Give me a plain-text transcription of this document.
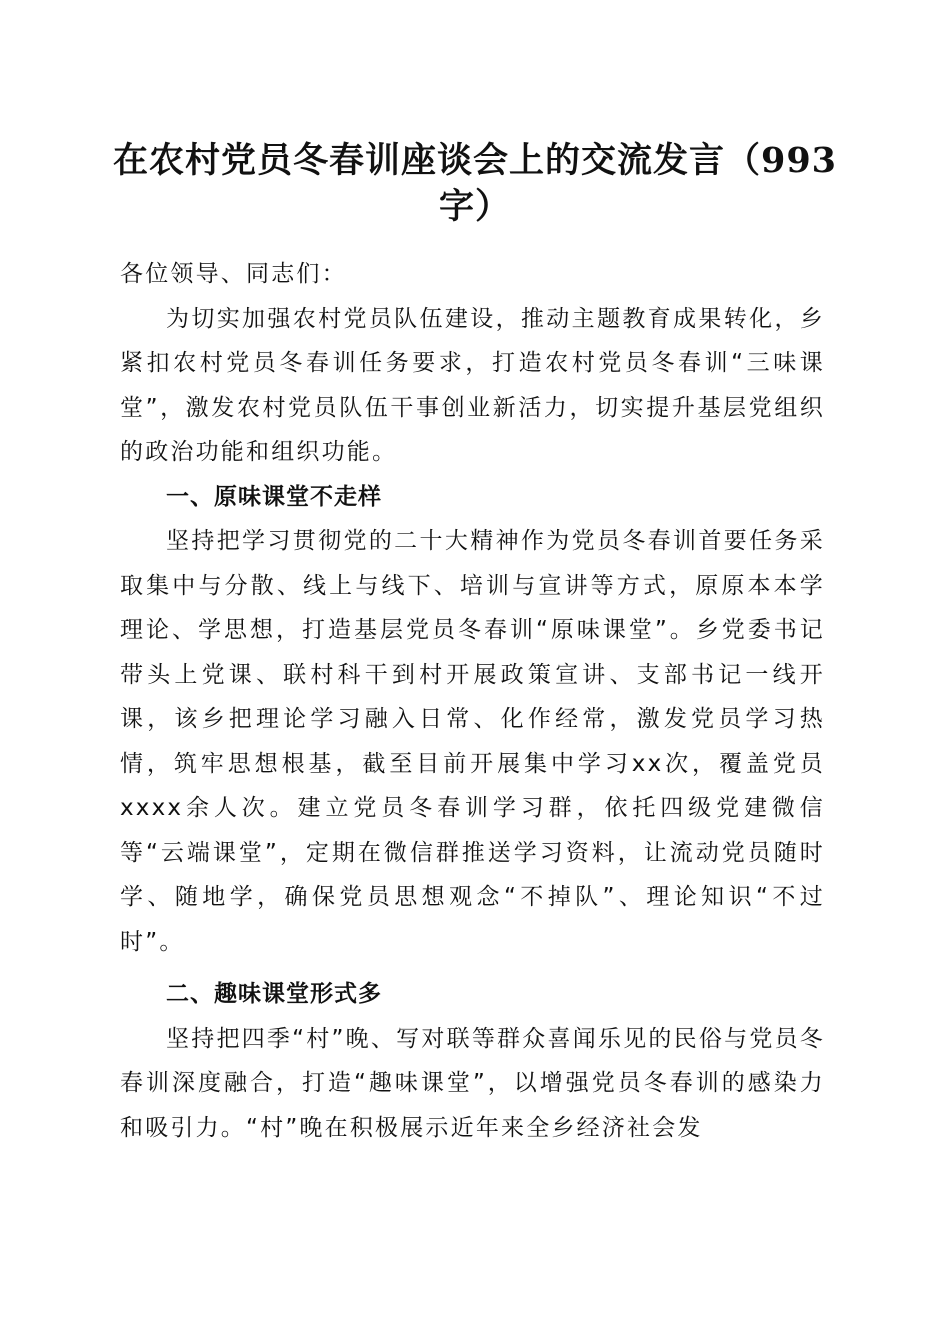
在农村党员冬春训座谈会上的交流发言（993字）

各位领导、同志们：

为切实加强农村党员队伍建设，推动主题教育成果转化，乡紧扣农村党员冬春训任务要求，打造农村党员冬春训“三味课堂”，激发农村党员队伍干事创业新活力，切实提升基层党组织的政治功能和组织功能。

一、原味课堂不走样

坚持把学习贯彻党的二十大精神作为党员冬春训首要任务采取集中与分散、线上与线下、培训与宣讲等方式，原原本本学理论、学思想，打造基层党员冬春训“原味课堂”。乡党委书记带头上党课、联村科干到村开展政策宣讲、支部书记一线开课，该乡把理论学习融入日常、化作经常，激发党员学习热情，筑牢思想根基，截至目前开展集中学习xx次，覆盖党员xxxx余人次。建立党员冬春训学习群，依托四级党建微信等“云端课堂”，定期在微信群推送学习资料，让流动党员随时学、随地学，确保党员思想观念“不掉队”、理论知识“不过时”。

二、趣味课堂形式多

坚持把四季“村”晚、写对联等群众喜闻乐见的民俗与党员冬春训深度融合，打造“趣味课堂”，以增强党员冬春训的感染力和吸引力。“村”晚在积极展示近年来全乡经济社会发
